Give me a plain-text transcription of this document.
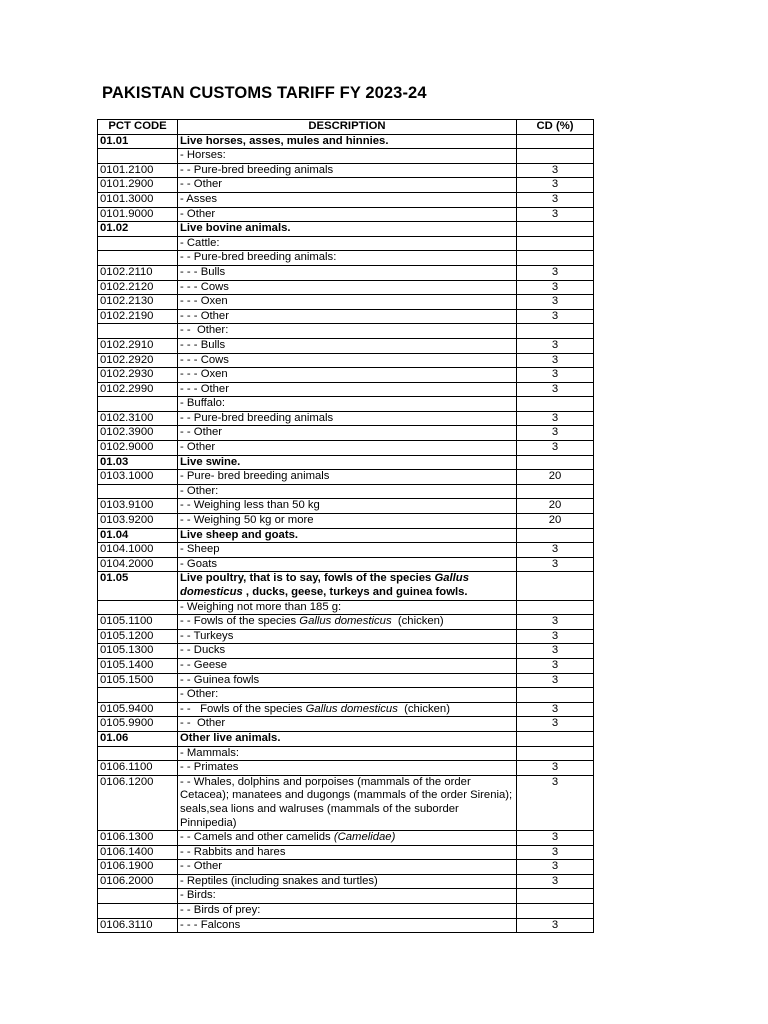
PAKISTAN CUSTOMS TARIFF FY 2023-24
PCT CODE	DESCRIPTION	CD (%)
01.01	Live horses, asses, mules and hinnies.	
	- Horses:	
0101.2100	- - Pure-bred breeding animals	3
0101.2900	- - Other	3
0101.3000	- Asses	3
0101.9000	- Other	3
01.02	Live bovine animals.	
	- Cattle:	
	- - Pure-bred breeding animals:	
0102.2110	- - - Bulls	3
0102.2120	- - - Cows	3
0102.2130	- - - Oxen	3
0102.2190	- - - Other	3
	- -  Other:	
0102.2910	- - - Bulls	3
0102.2920	- - - Cows	3
0102.2930	- - - Oxen	3
0102.2990	- - - Other	3
	- Buffalo:	
0102.3100	- - Pure-bred breeding animals	3
0102.3900	- - Other	3
0102.9000	- Other	3
01.03	Live swine.	
0103.1000	- Pure- bred breeding animals	20
	- Other:	
0103.9100	- - Weighing less than 50 kg	20
0103.9200	- - Weighing 50 kg or more	20
01.04	Live sheep and goats.	
0104.1000	- Sheep	3
0104.2000	- Goats	3
01.05	Live poultry, that is to say, fowls of the species Gallus domesticus , ducks, geese, turkeys and guinea fowls.	
	- Weighing not more than 185 g:	
0105.1100	- - Fowls of the species Gallus domesticus  (chicken)	3
0105.1200	- - Turkeys	3
0105.1300	- - Ducks	3
0105.1400	- - Geese	3
0105.1500	- - Guinea fowls	3
	- Other:	
0105.9400	- -   Fowls of the species Gallus domesticus  (chicken)	3
0105.9900	- -  Other	3
01.06	Other live animals.	
	- Mammals:	
0106.1100	- - Primates	3
0106.1200	- - Whales, dolphins and porpoises (mammals of the order Cetacea); manatees and dugongs (mammals of the order Sirenia); seals,sea lions and walruses (mammals of the suborder Pinnipedia)	3
0106.1300	- - Camels and other camelids (Camelidae)	3
0106.1400	- - Rabbits and hares	3
0106.1900	- - Other	3
0106.2000	- Reptiles (including snakes and turtles)	3
	- Birds:	
	- - Birds of prey:	
0106.3110	- - - Falcons	3
